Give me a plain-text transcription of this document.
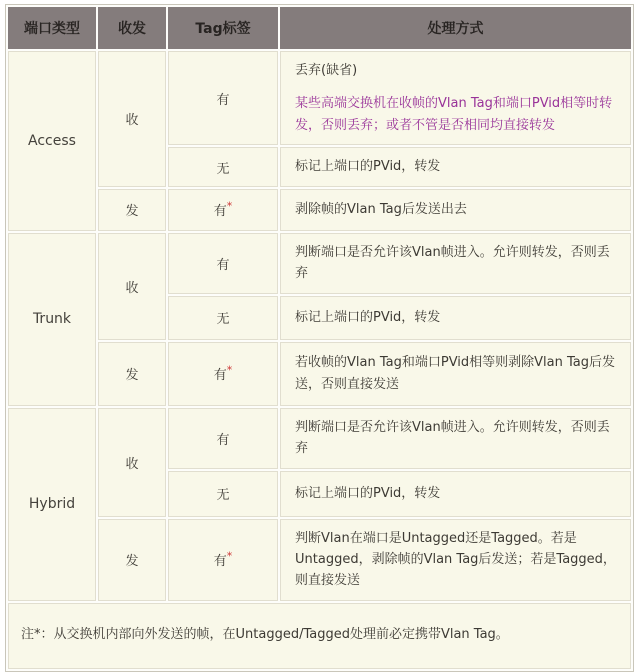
端口类型	收发	Tag标签	处理方式
Access	收	有	丢弃(缺省)

某些高端交换机在收帧的Vlan Tag和端口PVid相等时转发，否则丢弃；或者不管是否相同均直接转发

		无	标记上端口的PVid，转发

	发	有*	剥除帧的Vlan Tag后发送出去

Trunk	收	有	判断端口是否允许该Vlan帧进入。允许则转发，否则丢弃

		无	标记上端口的PVid，转发

	发	有*	若收帧的Vlan Tag和端口PVid相等则剥除Vlan Tag后发送，否则直接发送

Hybrid	收	有	判断端口是否允许该Vlan帧进入。允许则转发，否则丢弃

		无	标记上端口的PVid，转发

	发	有*	判断Vlan在端口是Untagged还是Tagged。若是Untagged，剥除帧的Vlan Tag后发送；若是Tagged，则直接发送

注*：从交换机内部向外发送的帧，在Untagged/Tagged处理前必定携带Vlan Tag。			
